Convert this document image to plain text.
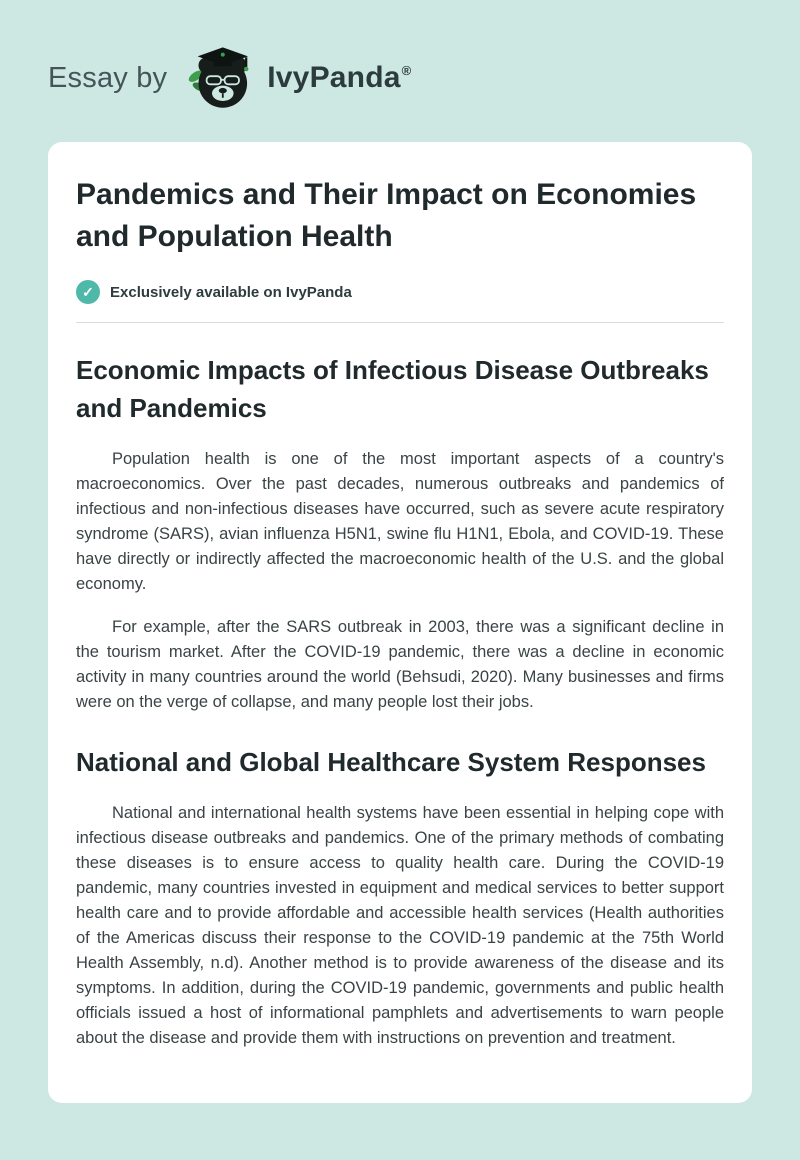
Essay by	IvyPanda®
Pandemics and Their Impact on Economies and Population Health
✓	Exclusively available on IvyPanda
Economic Impacts of Infectious Disease Outbreaks and Pandemics

Population health is one of the most important aspects of a country's macroeconomics. Over the past decades, numerous outbreaks and pandemics of infectious and non-infectious diseases have occurred, such as severe acute respiratory syndrome (SARS), avian influenza H5N1, swine flu H1N1, Ebola, and COVID-19. These have directly or indirectly affected the macroeconomic health of the U.S. and the global economy.

For example, after the SARS outbreak in 2003, there was a significant decline in the tourism market. After the COVID-19 pandemic, there was a decline in economic activity in many countries around the world (Behsudi, 2020). Many businesses and firms were on the verge of collapse, and many people lost their jobs.

National and Global Healthcare System Responses

National and international health systems have been essential in helping cope with infectious disease outbreaks and pandemics. One of the primary methods of combating these diseases is to ensure access to quality health care. During the COVID-19 pandemic, many countries invested in equipment and medical services to better support health care and to provide affordable and accessible health services (Health authorities of the Americas discuss their response to the COVID-19 pandemic at the 75th World Health Assembly, n.d). Another method is to provide awareness of the disease and its symptoms. In addition, during the COVID-19 pandemic, governments and public health officials issued a host of informational pamphlets and advertisements to warn people about the disease and provide them with instructions on prevention and treatment.
